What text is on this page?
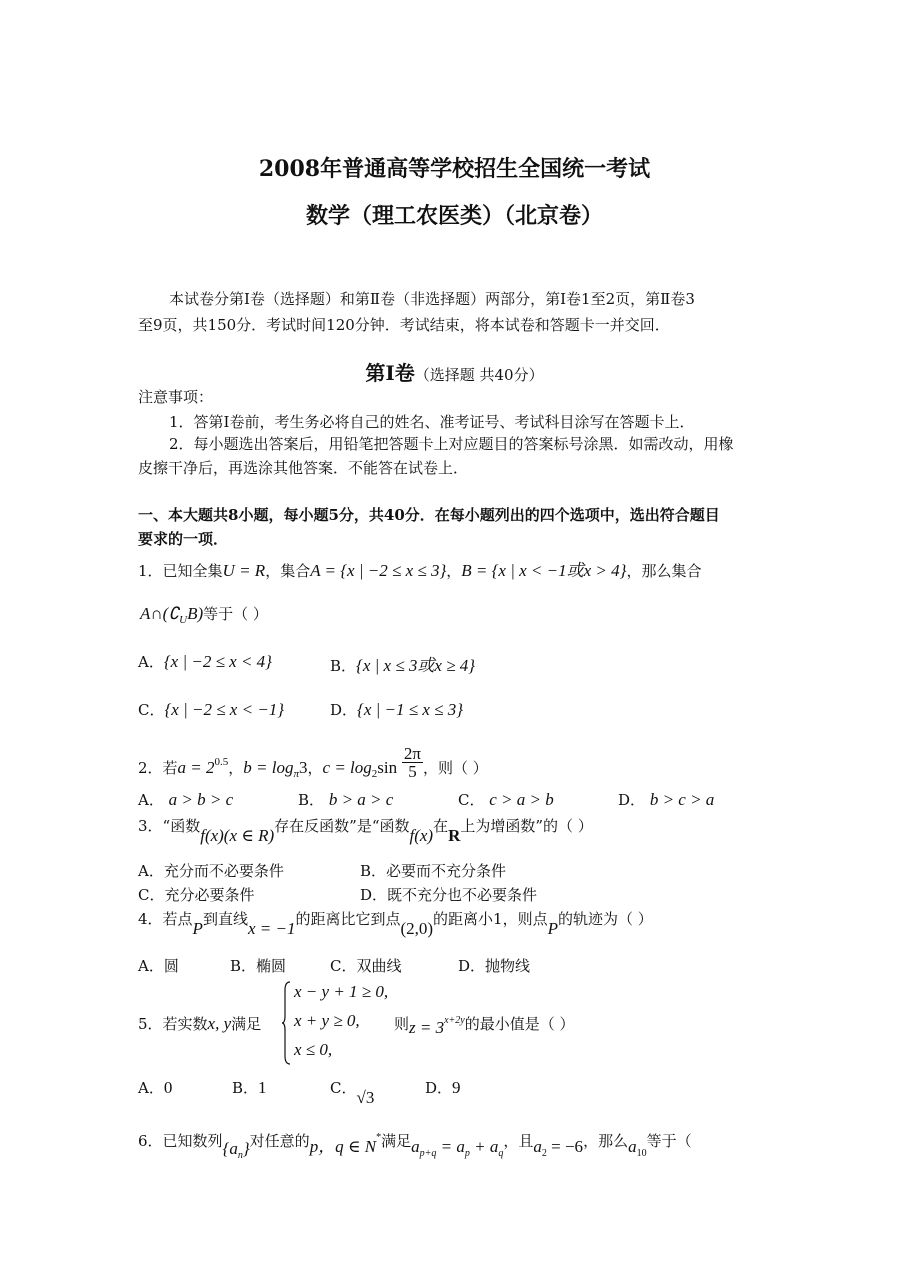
2008年普通高等学校招生全国统一考试
数学（理工农医类）（北京卷）
本试卷分第Ⅰ卷（选择题）和第Ⅱ卷（非选择题）两部分，第Ⅰ卷1至2页，第Ⅱ卷3
至9页，共150分．考试时间120分钟．考试结束，将本试卷和答题卡一并交回．
第Ⅰ卷（选择题 共40分）
注意事项：
1．答第Ⅰ卷前，考生务必将自己的姓名、准考证号、考试科目涂写在答题卡上．
2．每小题选出答案后，用铅笔把答题卡上对应题目的答案标号涂黑．如需改动，用橡
皮擦干净后，再选涂其他答案．不能答在试卷上．
一、本大题共8小题，每小题5分，共40分．在每小题列出的四个选项中，选出符合题目
要求的一项．
1．已知全集U = R，集合A = {x | −2 ≤ x ≤ 3}，B = {x | x < −1或x > 4}，那么集合
$A\cap(∁_UB)$等于（ ）
A．{x | −2 ≤ x < 4}	B．{x | x ≤ 3或x ≥ 4}
C．{x | −2 ≤ x < −1}	D．{x | −1 ≤ x ≤ 3}
2．若$a = 2^{0.5}$，$b = \log_\pi 3$，$c = \log_2\sin \frac{2\pi}{5}$ ，则（ ）
A． a > b > c	B． b > a > c	C． c > a > b	D． b > c > a
3．“函数f(x)(x ∈ R)存在反函数”是“函数f(x)在R上为增函数”的（ ）
A．充分而不必要条件	B．必要而不充分条件
C．充分必要条件	D．既不充分也不必要条件
4．若点P到直线x = −1的距离比它到点(2,0)的距离小1，则点P的轨迹为（ ）
A．圆	B．椭圆	C．双曲线	D．抛物线
5．若实数x, y满足
x − y + 1 ≥ 0,
x + y ≥ 0,
x ≤ 0,
则$z = 3^{x+2y}$的最小值是（ ）
A．0	B．1	C．√3	D．9
6．已知数列$\{a_n\}$对任意的p，q ∈ N*满足$a_{p+q} = a_p + a_q$，且$a_2 = -6$，那么$a_{10}$等于（
